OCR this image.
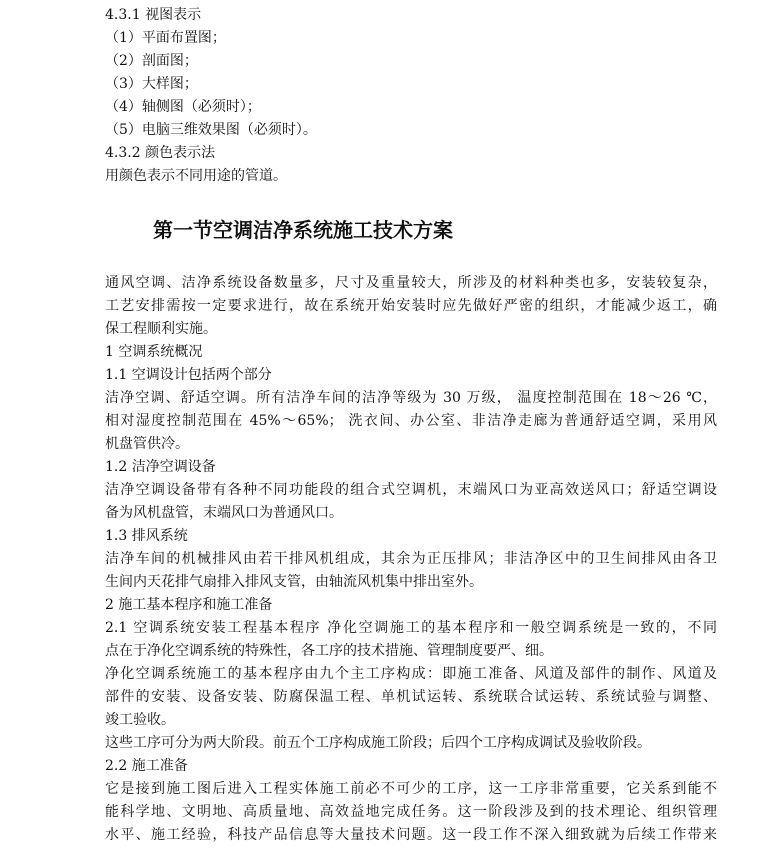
4.3.1 视图表示
（1）平面布置图；
（2）剖面图；
（3）大样图；
（4）轴侧图（必须时）；
（5）电脑三维效果图（必须时）。
4.3.2 颜色表示法
用颜色表示不同用途的管道。
第一节空调洁净系统施工技术方案
通风空调、洁净系统设备数量多，尺寸及重量较大，所涉及的材料种类也多，安装较复杂，
工艺安排需按一定要求进行，故在系统开始安装时应先做好严密的组织，才能减少返工，确
保工程顺利实施。
1 空调系统概况
1.1 空调设计包括两个部分
洁净空调、舒适空调。所有洁净车间的洁净等级为 30 万级， 温度控制范围在 18～26 ℃，
相对湿度控制范围在 45%～65%； 洗衣间、办公室、非洁净走廊为普通舒适空调，采用风
机盘管供冷。
1.2 洁净空调设备
洁净空调设备带有各种不同功能段的组合式空调机，末端风口为亚高效送风口；舒适空调设
备为风机盘管，末端风口为普通风口。
1.3 排风系统
洁净车间的机械排风由若干排风机组成，其余为正压排风；非洁净区中的卫生间排风由各卫
生间内天花排气扇排入排风支管，由轴流风机集中排出室外。
2 施工基本程序和施工准备
2.1 空调系统安装工程基本程序 净化空调施工的基本程序和一般空调系统是一致的，不同
点在于净化空调系统的特殊性，各工序的技术措施、管理制度要严、细。
净化空调系统施工的基本程序由九个主工序构成：即施工准备、风道及部件的制作、风道及
部件的安装、设备安装、防腐保温工程、单机试运转、系统联合试运转、系统试验与调整、
竣工验收。
这些工序可分为两大阶段。前五个工序构成施工阶段；后四个工序构成调试及验收阶段。
2.2 施工准备
它是接到施工图后进入工程实体施工前必不可少的工序，这一工序非常重要，它关系到能不
能科学地、文明地、高质量地、高效益地完成任务。这一阶段涉及到的技术理论、组织管理
水平、施工经验，科技产品信息等大量技术问题。这一段工作不深入细致就为后续工作带来
